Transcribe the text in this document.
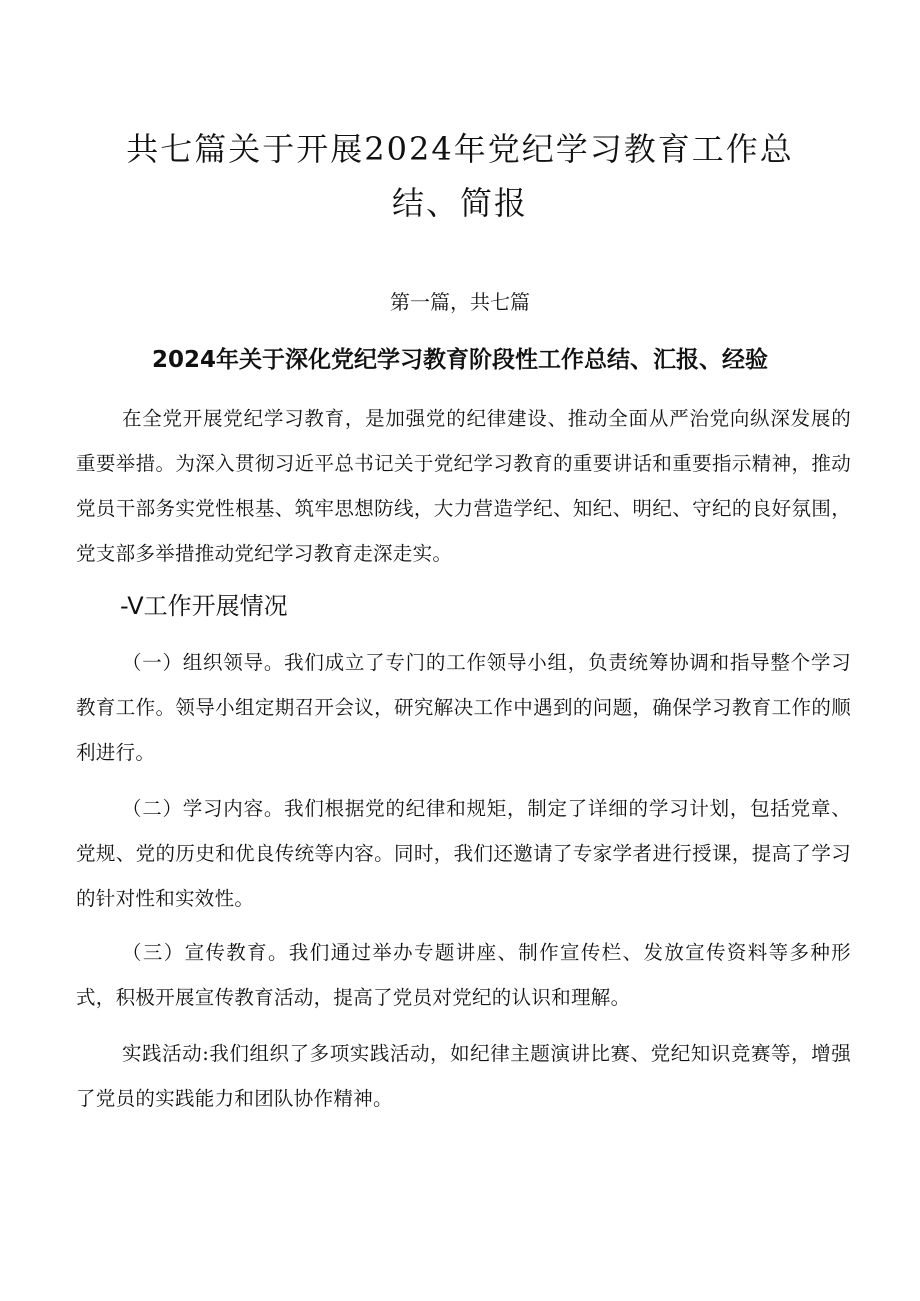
共七篇关于开展2024年党纪学习教育工作总结、简报
第一篇，共七篇
2024年关于深化党纪学习教育阶段性工作总结、汇报、经验

在全党开展党纪学习教育，是加强党的纪律建设、推动全面从严治党向纵深发展的重要举措。为深入贯彻习近平总书记关于党纪学习教育的重要讲话和重要指示精神，推动党员干部务实党性根基、筑牢思想防线，大力营造学纪、知纪、明纪、守纪的良好氛围，党支部多举措推动党纪学习教育走深走实。

-V工作开展情况

（一）组织领导。我们成立了专门的工作领导小组，负责统筹协调和指导整个学习教育工作。领导小组定期召开会议，研究解决工作中遇到的问题，确保学习教育工作的顺利进行。

（二）学习内容。我们根据党的纪律和规矩，制定了详细的学习计划，包括党章、党规、党的历史和优良传统等内容。同时，我们还邀请了专家学者进行授课，提高了学习的针对性和实效性。

（三）宣传教育。我们通过举办专题讲座、制作宣传栏、发放宣传资料等多种形式，积极开展宣传教育活动，提高了党员对党纪的认识和理解。

实践活动:我们组织了多项实践活动，如纪律主题演讲比赛、党纪知识竞赛等，增强了党员的实践能力和团队协作精神。
